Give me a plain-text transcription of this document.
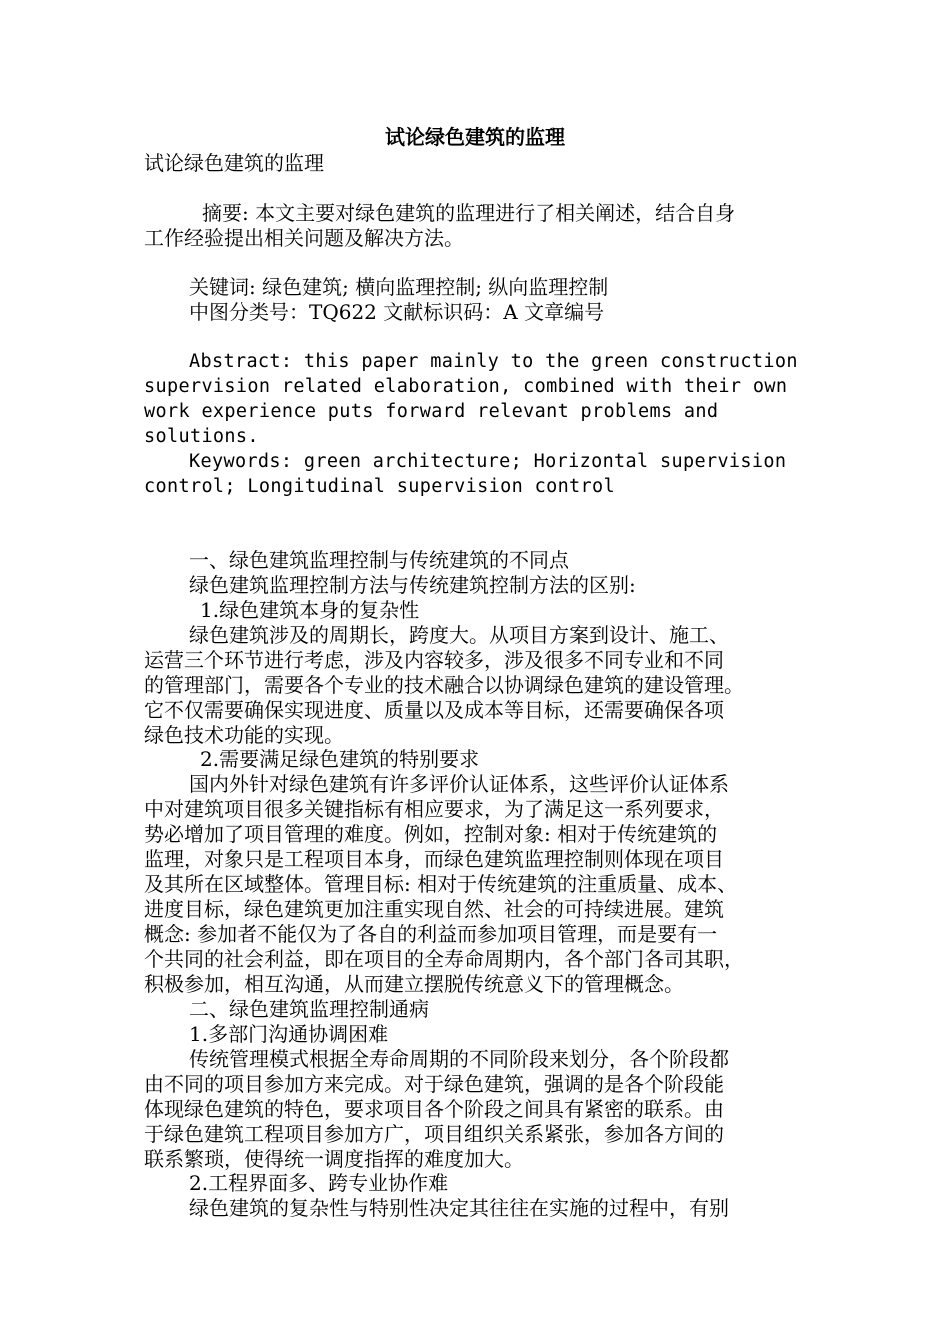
试论绿色建筑的监理
试论绿色建筑的监理
摘要: 本文主要对绿色建筑的监理进行了相关阐述，结合自身
工作经验提出相关问题及解决方法。
关键词: 绿色建筑; 横向监理控制; 纵向监理控制
中图分类号：TQ622 文献标识码：A 文章编号
Abstract: this paper mainly to the green construction
supervision related elaboration, combined with their own
work experience puts forward relevant problems and
solutions.
Keywords: green architecture; Horizontal supervision
control; Longitudinal supervision control
一、绿色建筑监理控制与传统建筑的不同点
绿色建筑监理控制方法与传统建筑控制方法的区别:
1.绿色建筑本身的复杂性
绿色建筑涉及的周期长，跨度大。从项目方案到设计、施工、
运营三个环节进行考虑，涉及内容较多，涉及很多不同专业和不同
的管理部门，需要各个专业的技术融合以协调绿色建筑的建设管理。
它不仅需要确保实现进度、质量以及成本等目标，还需要确保各项
绿色技术功能的实现。
2.需要满足绿色建筑的特别要求
国内外针对绿色建筑有许多评价认证体系，这些评价认证体系
中对建筑项目很多关键指标有相应要求，为了满足这一系列要求，
势必增加了项目管理的难度。例如，控制对象: 相对于传统建筑的
监理，对象只是工程项目本身，而绿色建筑监理控制则体现在项目
及其所在区域整体。管理目标: 相对于传统建筑的注重质量、成本、
进度目标，绿色建筑更加注重实现自然、社会的可持续进展。建筑
概念: 参加者不能仅为了各自的利益而参加项目管理，而是要有一
个共同的社会利益，即在项目的全寿命周期内，各个部门各司其职，
积极参加，相互沟通，从而建立摆脱传统意义下的管理概念。
二、绿色建筑监理控制通病
1.多部门沟通协调困难
传统管理模式根据全寿命周期的不同阶段来划分，各个阶段都
由不同的项目参加方来完成。对于绿色建筑，强调的是各个阶段能
体现绿色建筑的特色，要求项目各个阶段之间具有紧密的联系。由
于绿色建筑工程项目参加方广，项目组织关系紧张，参加各方间的
联系繁琐，使得统一调度指挥的难度加大。
2.工程界面多、跨专业协作难
绿色建筑的复杂性与特别性决定其往往在实施的过程中，有别
